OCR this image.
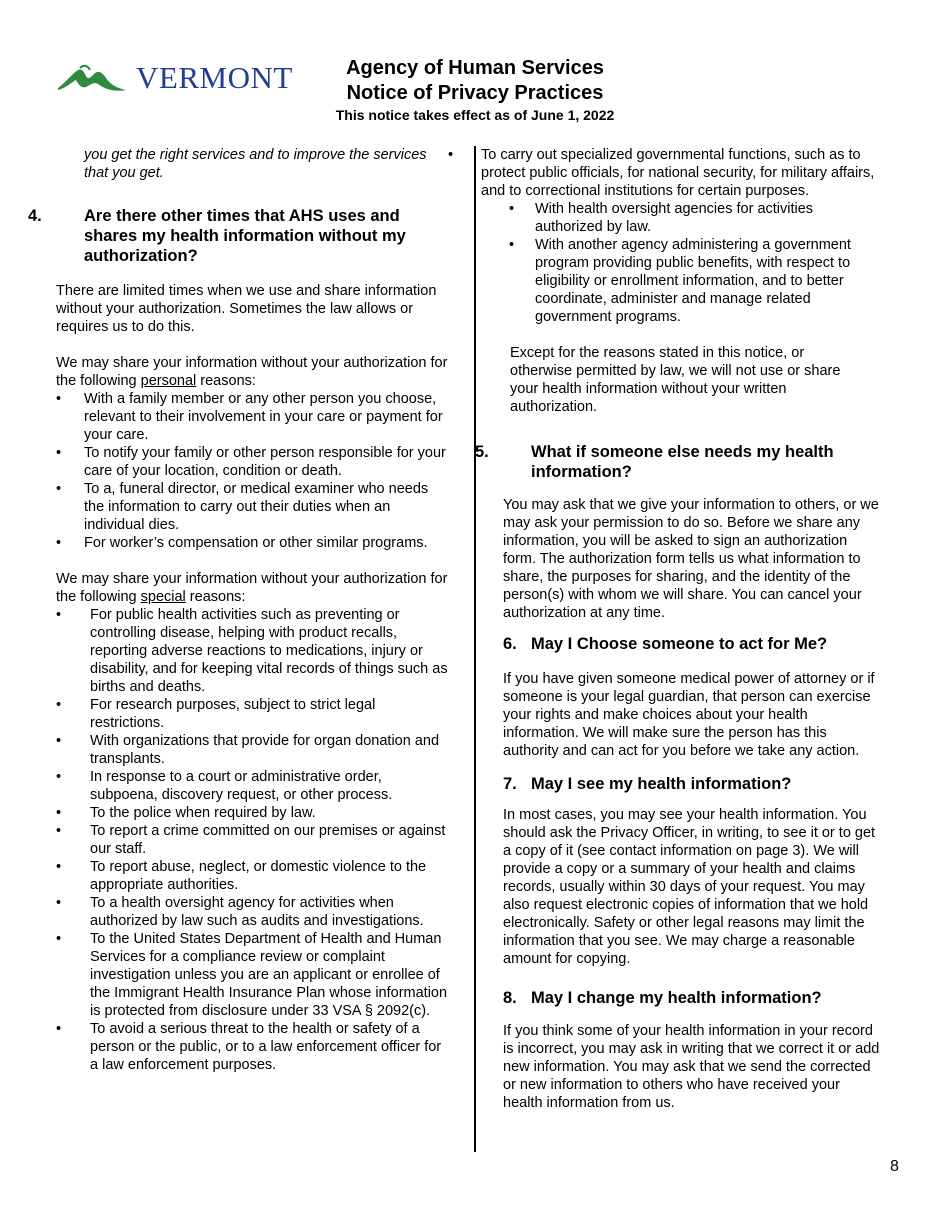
VERMONT	Agency of Human Services
Notice of Privacy Practices
This notice takes effect as of June 1, 2022

you get the right services and to improve the services that you get.

4.	Are there other times that AHS uses and shares my health information without my authorization?

There are limited times when we use and share information without your authorization. Sometimes the law allows or requires us to do this.

We may share your information without your authorization for the following personal reasons:

• With a family member or any other person you choose, relevant to their involvement in your care or payment for your care.
• To notify your family or other person responsible for your care of your location, condition or death.
• To a, funeral director, or medical examiner who needs the information to carry out their duties when an individual dies.
• For worker’s compensation or other similar programs.

We may share your information without your authorization for the following special reasons:

• For public health activities such as preventing or controlling disease, helping with product recalls, reporting adverse reactions to medications, injury or disability, and for keeping vital records of things such as births and deaths.
• For research purposes, subject to strict legal restrictions.
• With organizations that provide for organ donation and transplants.
• In response to a court or administrative order, subpoena, discovery request, or other process.
• To the police when required by law.
• To report a crime committed on our premises or against our staff.
• To report abuse, neglect, or domestic violence to the appropriate authorities.
• To a health oversight agency for activities when authorized by law such as audits and investigations.
• To the United States Department of Health and Human Services for a compliance review or complaint investigation unless you are an applicant or enrollee of the Immigrant Health Insurance Plan whose information is protected from disclosure under 33 VSA § 2092(c).
• To avoid a serious threat to the health or safety of a person or the public, or to a law enforcement officer for a law enforcement purposes.
• To carry out specialized governmental functions, such as to protect public officials, for national security, for military affairs, and to correctional institutions for certain purposes.

• With health oversight agencies for activities authorized by law.
• With another agency administering a government program providing public benefits, with respect to eligibility or enrollment information, and to better coordinate, administer and manage related government programs.

Except for the reasons stated in this notice, or otherwise permitted by law, we will not use or share your health information without your written authorization.

5.	What if someone else needs my health information?

You may ask that we give your information to others, or we may ask your permission to do so. Before we share any information, you will be asked to sign an authorization form. The authorization form tells us what information to share, the purposes for sharing, and the identity of the person(s) with whom we will share. You can cancel your authorization at any time.

6. May I Choose someone to act for Me?

If you have given someone medical power of attorney or if someone is your legal guardian, that person can exercise your rights and make choices about your health information. We will make sure the person has this authority and can act for you before we take any action.

7. May I see my health information?

In most cases, you may see your health information. You should ask the Privacy Officer, in writing, to see it or to get a copy of it (see contact information on page 3). We will provide a copy or a summary of your health and claims records, usually within 30 days of your request. You may also request electronic copies of information that we hold electronically. Safety or other legal reasons may limit the information that you see. We may charge a reasonable amount for copying.

8. May I change my health information?

If you think some of your health information in your record is incorrect, you may ask in writing that we correct it or add new information. You may ask that we send the corrected or new information to others who have received your health information from us.

8
